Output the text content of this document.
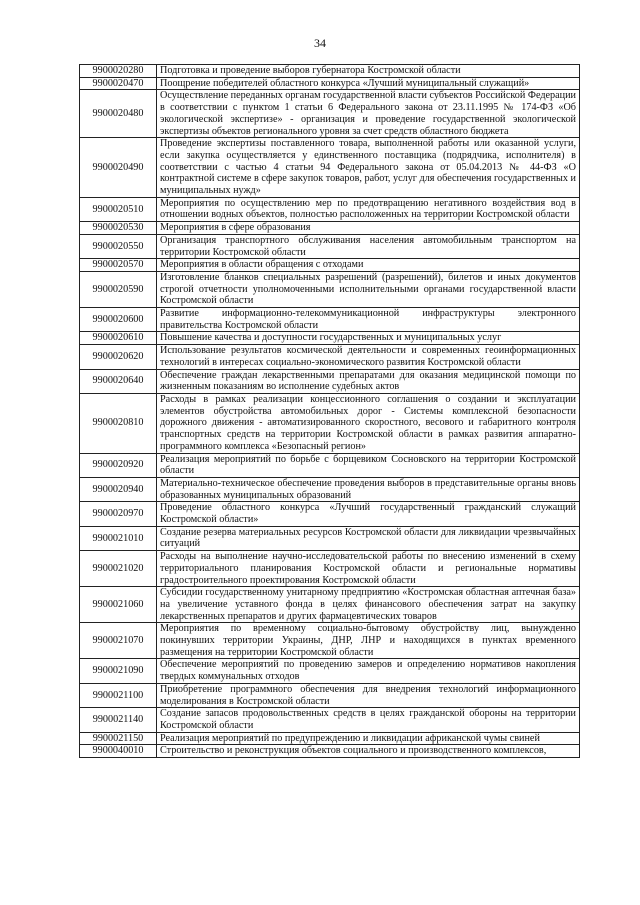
34
9900020280	Подготовка и проведение выборов губернатора Костромской области
9900020470	Поощрение победителей областного конкурса «Лучший муниципальный служащий»
9900020480	Осуществление переданных органам государственной власти субъектов Российской Федерации в соответствии с пунктом 1 статьи 6 Федерального закона от 23.11.1995 № 174-ФЗ «Об экологической экспертизе» - организация и проведение государственной экологической экспертизы объектов регионального уровня за счет средств областного бюджета
9900020490	Проведение экспертизы поставленного товара, выполненной работы или оказанной услуги, если закупка осуществляется у единственного поставщика (подрядчика, исполнителя) в соответствии с частью 4 статьи 94 Федерального закона от 05.04.2013 № 44-ФЗ «О контрактной системе в сфере закупок товаров, работ, услуг для обеспечения государственных и муниципальных нужд»
9900020510	Мероприятия по осуществлению мер по предотвращению негативного воздействия вод в отношении водных объектов, полностью расположенных на территории Костромской области
9900020530	Мероприятия в сфере образования
9900020550	Организация транспортного обслуживания населения автомобильным транспортом на территории Костромской области
9900020570	Мероприятия в области обращения с отходами
9900020590	Изготовление бланков специальных разрешений (разрешений), билетов и иных документов строгой отчетности уполномоченными исполнительными органами государственной власти Костромской области
9900020600	Развитие информационно-телекоммуникационной инфраструктуры электронного правительства Костромской области
9900020610	Повышение качества и доступности государственных и муниципальных услуг
9900020620	Использование результатов космической деятельности и современных геоинформационных технологий в интересах социально-экономического развития Костромской области
9900020640	Обеспечение граждан лекарственными препаратами для оказания медицинской помощи по жизненным показаниям во исполнение судебных актов
9900020810	Расходы в рамках реализации концессионного соглашения о создании и эксплуатации элементов обустройства автомобильных дорог - Системы комплексной безопасности дорожного движения - автоматизированного скоростного, весового и габаритного контроля транспортных средств на территории Костромской области в рамках развития аппаратно-программного комплекса «Безопасный регион»
9900020920	Реализация мероприятий по борьбе с борщевиком Сосновского на территории Костромской области
9900020940	Материально-техническое обеспечение проведения выборов в представительные органы вновь образованных муниципальных образований
9900020970	Проведение областного конкурса «Лучший государственный гражданский служащий Костромской области»
9900021010	Создание резерва материальных ресурсов Костромской области для ликвидации чрезвычайных ситуаций
9900021020	Расходы на выполнение научно-исследовательской работы по внесению изменений в схему территориального планирования Костромской области и региональные нормативы градостроительного проектирования Костромской области
9900021060	Субсидии государственному унитарному предприятию «Костромская областная аптечная база» на увеличение уставного фонда в целях финансового обеспечения затрат на закупку лекарственных препаратов и других фармацевтических товаров
9900021070	Мероприятия по временному социально-бытовому обустройству лиц, вынужденно покинувших территории Украины, ДНР, ЛНР и находящихся в пунктах временного размещения на территории Костромской области
9900021090	Обеспечение мероприятий по проведению замеров и определению нормативов накопления твердых коммунальных отходов
9900021100	Приобретение программного обеспечения для внедрения технологий информационного моделирования в Костромской области
9900021140	Создание запасов продовольственных средств в целях гражданской обороны на территории Костромской области
9900021150	Реализация мероприятий по предупреждению и ликвидации африканской чумы свиней
9900040010	Строительство и реконструкция объектов социального и производственного комплексов,
